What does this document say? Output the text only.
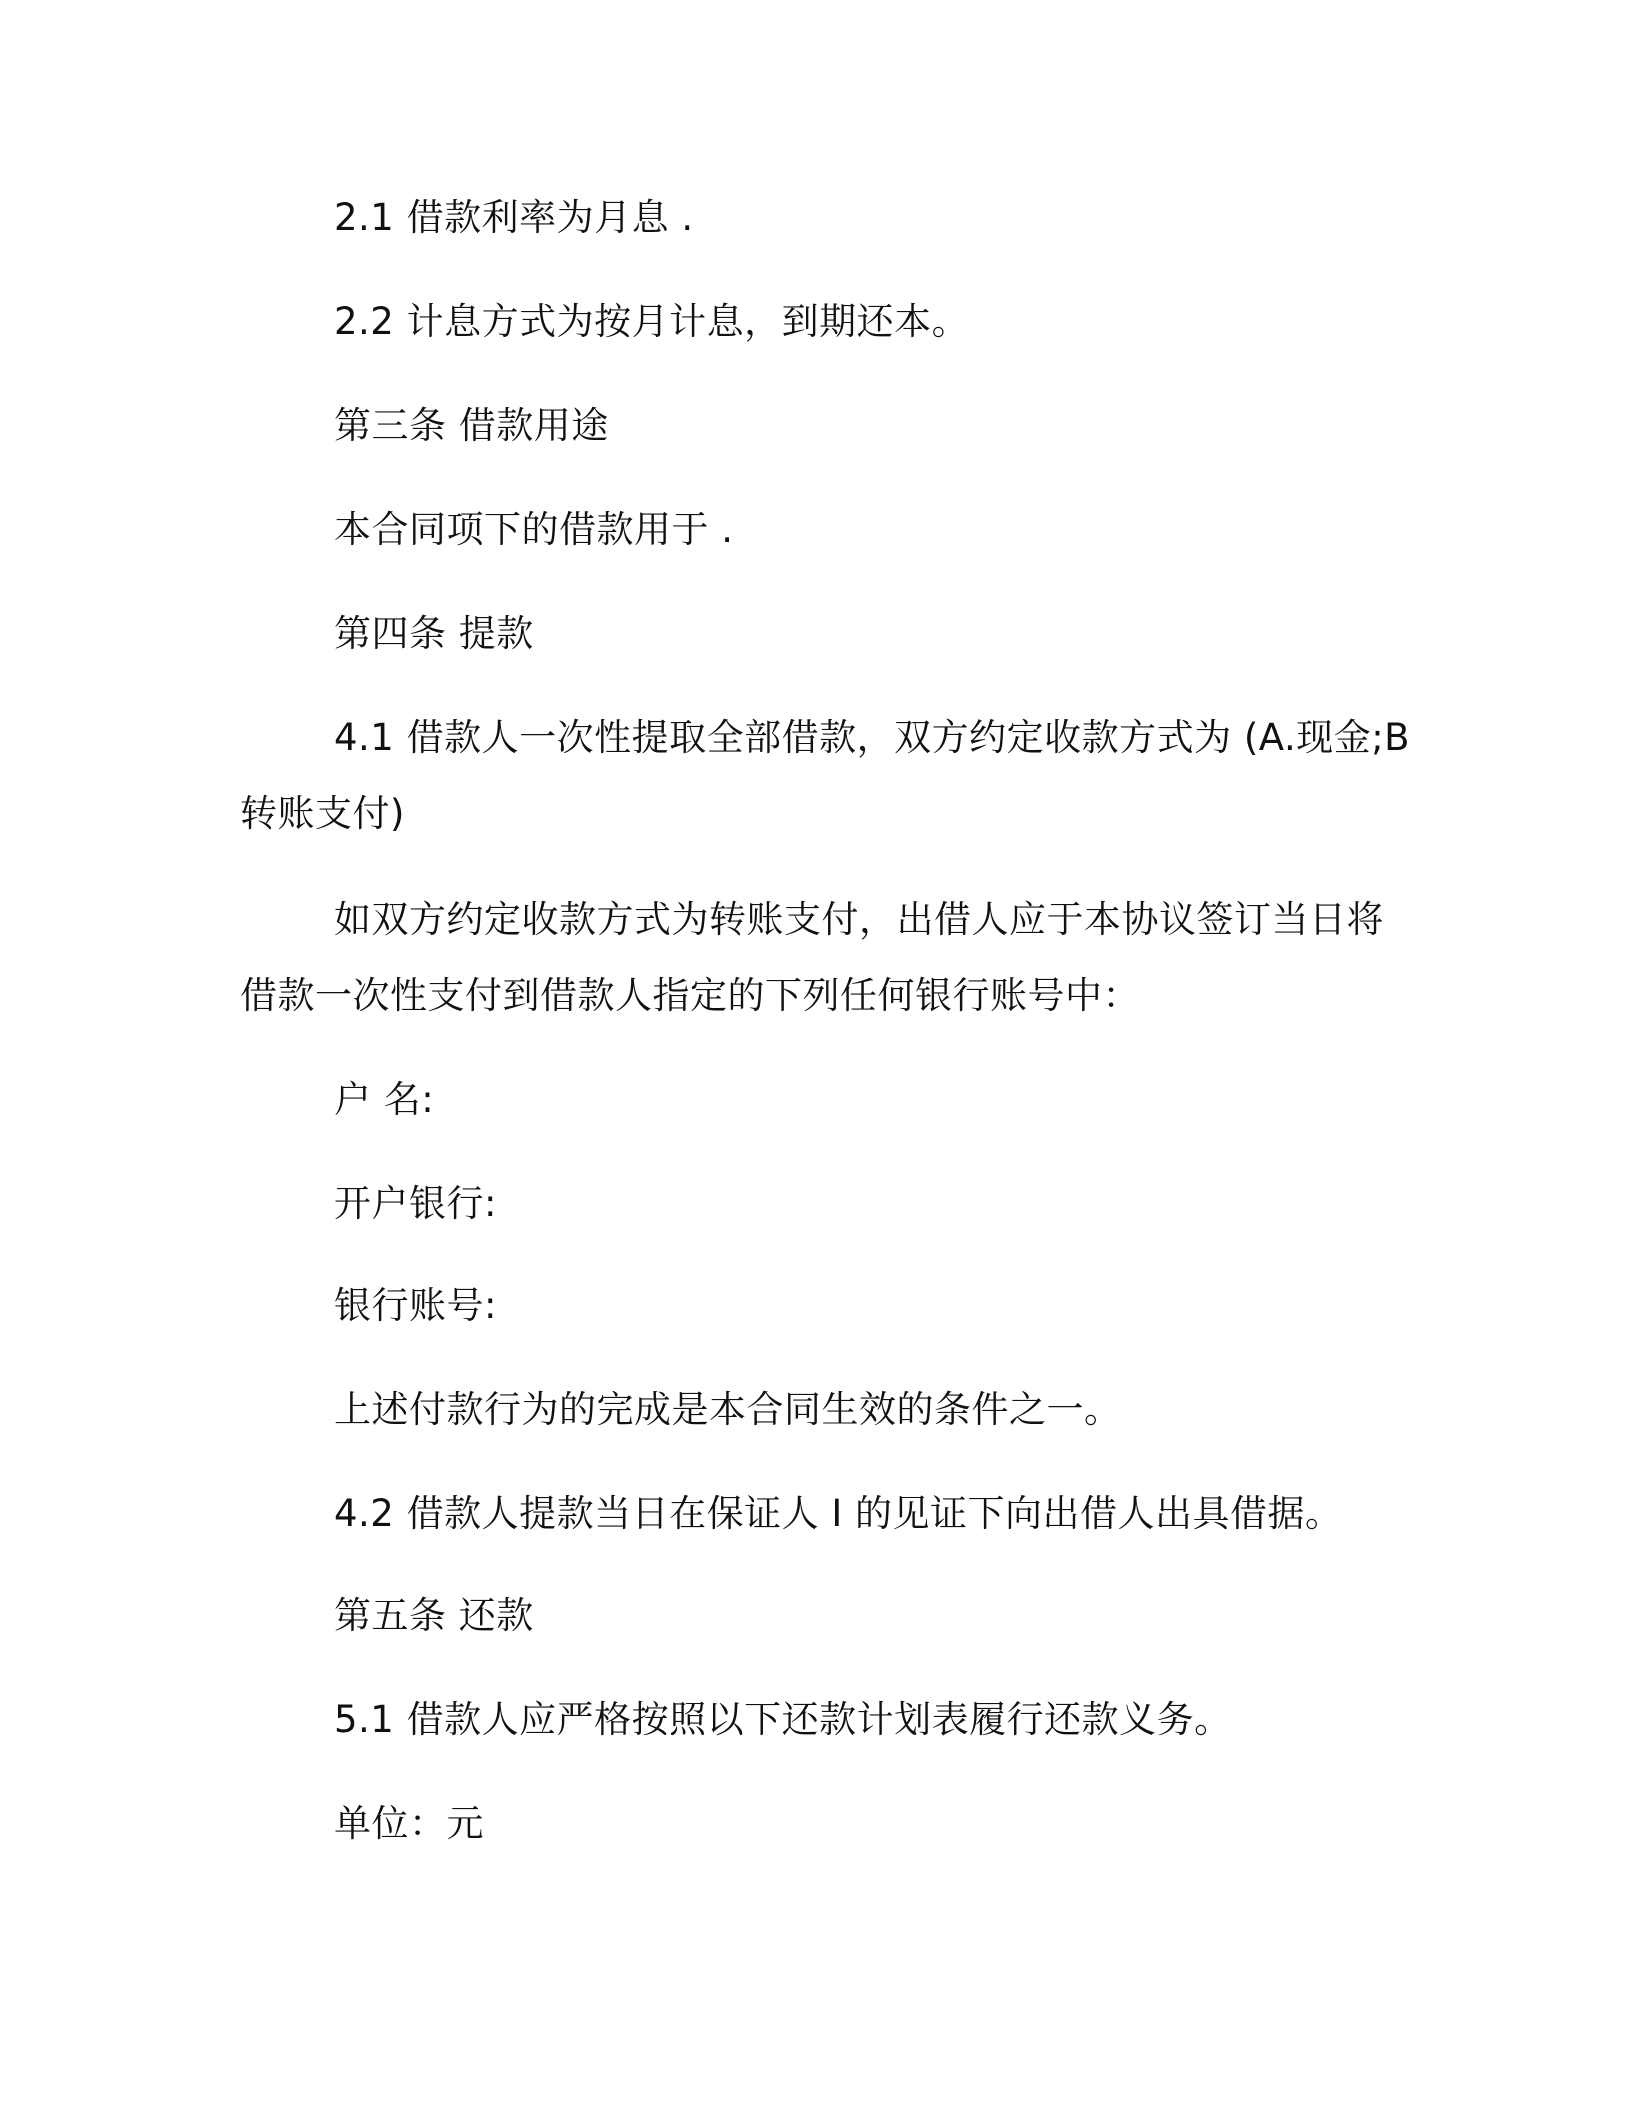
2.1 借款利率为月息 .
2.2 计息方式为按月计息，到期还本。
第三条 借款用途
本合同项下的借款用于 .
第四条 提款
4.1 借款人一次性提取全部借款，双方约定收款方式为 (A.现金;B
转账支付)
如双方约定收款方式为转账支付，出借人应于本协议签订当日将
借款一次性支付到借款人指定的下列任何银行账号中：
户 名:
开户银行:
银行账号:
上述付款行为的完成是本合同生效的条件之一。
4.2 借款人提款当日在保证人 I 的见证下向出借人出具借据。
第五条 还款
5.1 借款人应严格按照以下还款计划表履行还款义务。
单位：元
